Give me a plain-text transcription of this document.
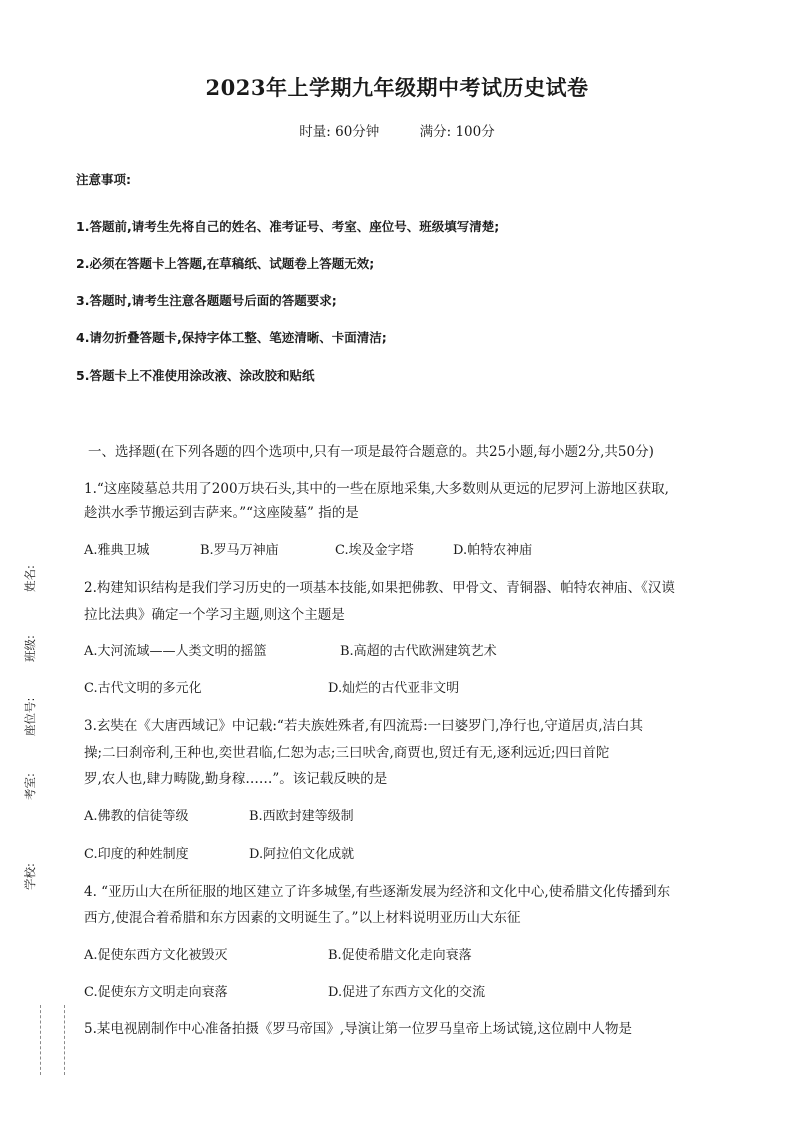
2023年上学期九年级期中考试历史试卷
时量: 60分钟	满分: 100分
注意事项:
1.答题前,请考生先将自己的姓名、准考证号、考室、座位号、班级填写清楚;
2.必须在答题卡上答题,在草稿纸、试题卷上答题无效;
3.答题时,请考生注意各题题号后面的答题要求;
4.请勿折叠答题卡,保持字体工整、笔迹清晰、卡面清洁;
5.答题卡上不准使用涂改液、涂改胶和贴纸
一、选择题(在下列各题的四个选项中,只有一项是最符合题意的。共25小题,每小题2分,共50分)
1.“这座陵墓总共用了200万块石头,其中的一些在原地采集,大多数则从更远的尼罗河上游地区获取,
趁洪水季节搬运到吉萨来。”“这座陵墓” 指的是
A.雅典卫城	B.罗马万神庙	C.埃及金字塔	D.帕特农神庙
2.构建知识结构是我们学习历史的一项基本技能,如果把佛教、甲骨文、青铜器、帕特农神庙、《汉谟
拉比法典》确定一个学习主题,则这个主题是
A.大河流域——人类文明的摇篮	B.高超的古代欧洲建筑艺术
C.古代文明的多元化	D.灿烂的古代亚非文明
3.玄奘在《大唐西域记》中记载:“若夫族姓殊者,有四流焉:一曰婆罗门,净行也,守道居贞,洁白其
操;二曰刹帝利,王种也,奕世君临,仁恕为志;三曰吠舍,商贾也,贸迁有无,逐利远近;四曰首陀
罗,农人也,肆力畴陇,勤身稼……”。该记载反映的是
A.佛教的信徒等级	B.西欧封建等级制
C.印度的种姓制度	D.阿拉伯文化成就
4. “亚历山大在所征服的地区建立了许多城堡,有些逐渐发展为经济和文化中心,使希腊文化传播到东
西方,使混合着希腊和东方因素的文明诞生了。”以上材料说明亚历山大东征
A.促使东西方文化被毁灭	B.促使希腊文化走向衰落
C.促使东方文明走向衰落	D.促进了东西方文化的交流
5.某电视剧制作中心准备拍摄《罗马帝国》,导演让第一位罗马皇帝上场试镜,这位剧中人物是
姓名:
班级:
座位号:
考室:
学校:
